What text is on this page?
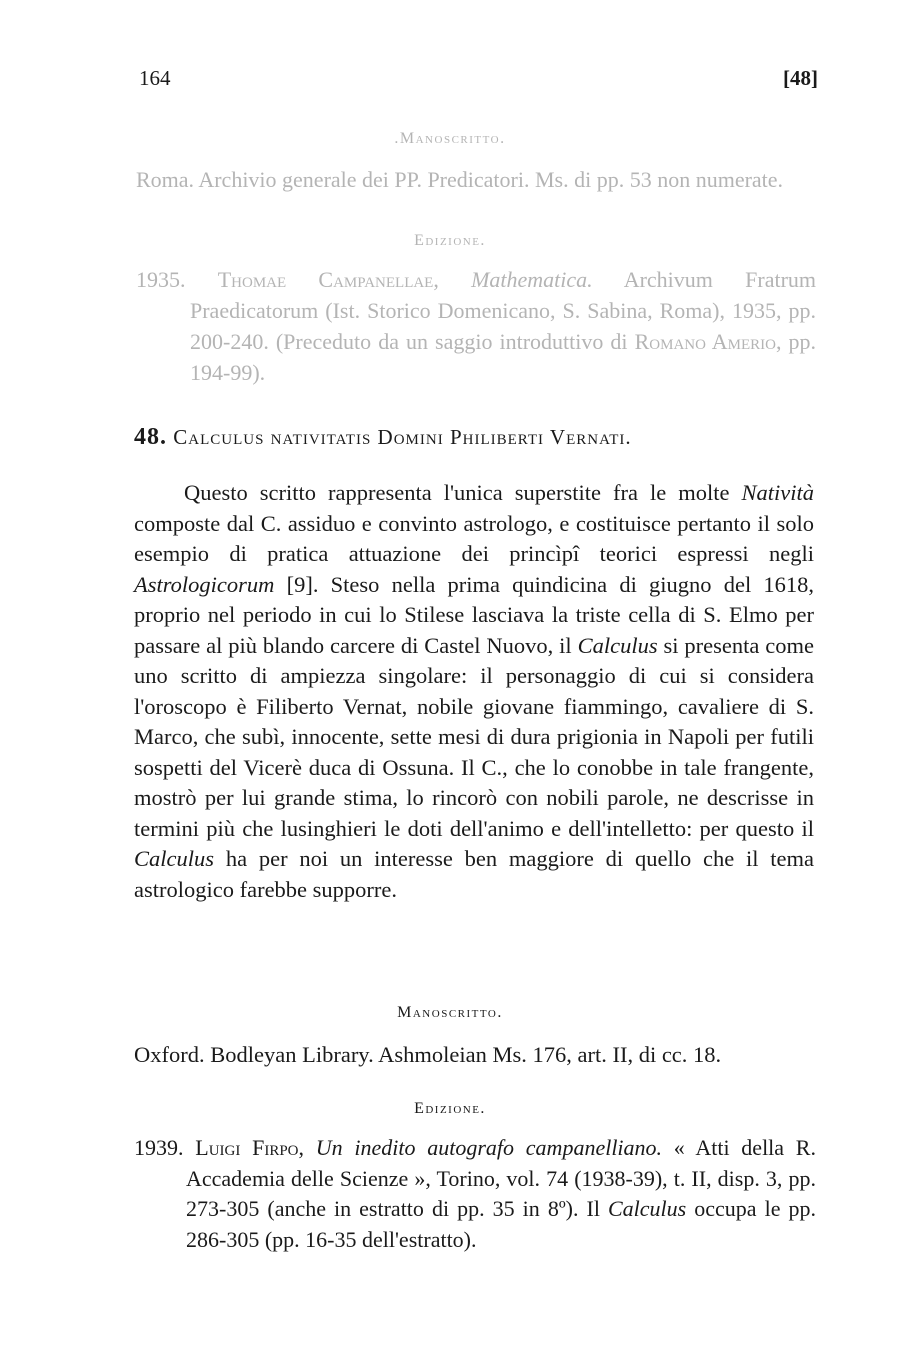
164	[48]
.Manoscritto.
Roma. Archivio generale dei PP. Predicatori. Ms. di pp. 53 non numerate.
Edizione.
1935. Thomae Campanellae, Mathematica. Archivum Fratrum Praedicatorum (Ist. Storico Domenicano, S. Sabina, Roma), 1935, pp. 200-240. (Preceduto da un saggio introduttivo di Romano Amerio, pp. 194-99).
48. Calculus nativitatis Domini Philiberti Vernati.
Questo scritto rappresenta l'unica superstite fra le molte Natività composte dal C. assiduo e convinto astrologo, e costituisce pertanto il solo esempio di pratica attuazione dei princìpî teorici espressi negli Astrologicorum [9]. Steso nella prima quindicina di giugno del 1618, proprio nel periodo in cui lo Stilese lasciava la triste cella di S. Elmo per passare al più blando carcere di Castel Nuovo, il Calculus si presenta come uno scritto di ampiezza singolare: il personaggio di cui si considera l'oroscopo è Filiberto Vernat, nobile giovane fiammingo, cavaliere di S. Marco, che subì, innocente, sette mesi di dura prigionia in Napoli per futili sospetti del Vicerè duca di Ossuna. Il C., che lo conobbe in tale frangente, mostrò per lui grande stima, lo rincorò con nobili parole, ne descrisse in termini più che lusinghieri le doti dell'animo e dell'intelletto: per questo il Calculus ha per noi un interesse ben maggiore di quello che il tema astrologico farebbe supporre.
Manoscritto.
Oxford. Bodleyan Library. Ashmoleian Ms. 176, art. II, di cc. 18.
Edizione.
1939. Luigi Firpo, Un inedito autografo campanelliano. « Atti della R. Accademia delle Scienze », Torino, vol. 74 (1938-39), t. II, disp. 3, pp. 273-305 (anche in estratto di pp. 35 in 8º). Il Calculus occupa le pp. 286-305 (pp. 16-35 dell'estratto).
